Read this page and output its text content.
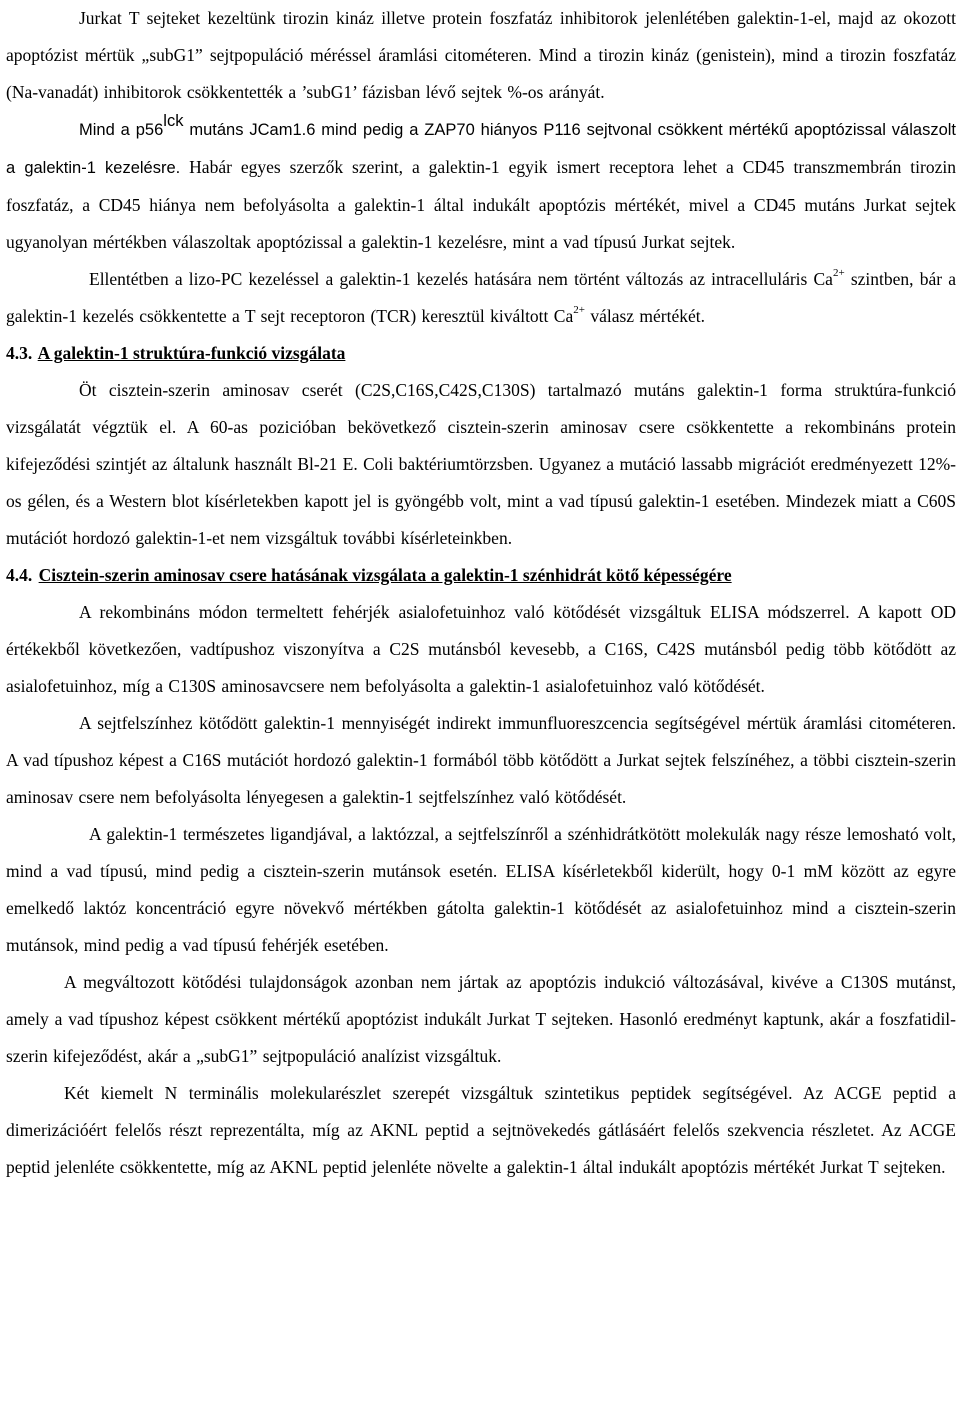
Jurkat T sejteket kezeltünk tirozin kináz illetve protein foszfatáz inhibitorok jelenlétében galektin-1-el, majd az okozott apoptózist mértük „subG1” sejtpopuláció méréssel áramlási citométeren. Mind a tirozin kináz (genistein), mind a tirozin foszfatáz (Na-vanadát) inhibitorok csökkentették a ’subG1’ fázisban lévő sejtek %-os arányát.

Mind a $p56^{lck}$ mutáns JCam1.6 mind pedig a ZAP70 hiányos P116 sejtvonal csökkent mértékű apoptózissal válaszolt a galektin-1 kezelésre. Habár egyes szerzők szerint, a galektin-1 egyik ismert receptora lehet a CD45 transzmembrán tirozin foszfatáz, a CD45 hiánya nem befolyásolta a galektin-1 által indukált apoptózis mértékét, mivel a CD45 mutáns Jurkat sejtek ugyanolyan mértékben válaszoltak apoptózissal a galektin-1 kezelésre, mint a vad típusú Jurkat sejtek.

Ellentétben a lizo-PC kezeléssel a galektin-1 kezelés hatására nem történt változás az intracelluláris $Ca^{2+}$ szintben, bár a galektin-1 kezelés csökkentette a T sejt receptoron (TCR) keresztül kiváltott $Ca^{2+}$ válasz mértékét.

4.3. A galektin-1 struktúra-funkció vizsgálata

Öt cisztein-szerin aminosav cserét (C2S,C16S,C42S,C130S) tartalmazó mutáns galektin-1 forma struktúra-funkció vizsgálatát végztük el. A 60-as pozicióban bekövetkező cisztein-szerin aminosav csere csökkentette a rekombináns protein kifejeződési szintjét az általunk használt Bl-21 E. Coli baktériumtörzsben. Ugyanez a mutáció lassabb migrációt eredményezett 12%-os gélen, és a Western blot kísérletekben kapott jel is gyöngébb volt, mint a vad típusú galektin-1 esetében. Mindezek miatt a C60S mutációt hordozó galektin-1-et nem vizsgáltuk további kísérleteinkben.

4.4. Cisztein-szerin aminosav csere hatásának vizsgálata a galektin-1 szénhidrát kötő képességére

A rekombináns módon termeltett fehérjék asialofetuinhoz való kötődését vizsgáltuk ELISA módszerrel. A kapott OD értékekből következően, vadtípushoz viszonyítva a C2S mutánsból kevesebb, a C16S, C42S mutánsból pedig több kötődött az asialofetuinhoz, míg a C130S aminosavcsere nem befolyásolta a galektin-1 asialofetuinhoz való kötődését.

A sejtfelszínhez kötődött galektin-1 mennyiségét indirekt immunfluoreszcencia segítségével mértük áramlási citométeren. A vad típushoz képest a C16S mutációt hordozó galektin-1 formából több kötődött a Jurkat sejtek felszínéhez, a többi cisztein-szerin aminosav csere nem befolyásolta lényegesen a galektin-1 sejtfelszínhez való kötődését.

A galektin-1 természetes ligandjával, a laktózzal, a sejtfelszínről a szénhidrátkötött molekulák nagy része lemosható volt, mind a vad típusú, mind pedig a cisztein-szerin mutánsok esetén. ELISA kísérletekből kiderült, hogy 0-1 mM között az egyre emelkedő laktóz koncentráció egyre növekvő mértékben gátolta galektin-1 kötődését az asialofetuinhoz mind a cisztein-szerin mutánsok, mind pedig a vad típusú fehérjék esetében.

A megváltozott kötődési tulajdonságok azonban nem jártak az apoptózis indukció változásával, kivéve a C130S mutánst, amely a vad típushoz képest csökkent mértékű apoptózist indukált Jurkat T sejteken. Hasonló eredményt kaptunk, akár a foszfatidil-szerin kifejeződést, akár a „subG1” sejtpopuláció analízist vizsgáltuk.

Két kiemelt N terminális molekularészlet szerepét vizsgáltuk szintetikus peptidek segítségével. Az ACGE peptid a dimerizációért felelős részt reprezentálta, míg az AKNL peptid a sejtnövekedés gátlásáért felelős szekvencia részletet. Az ACGE peptid jelenléte csökkentette, míg az AKNL peptid jelenléte növelte a galektin-1 által indukált apoptózis mértékét Jurkat T sejteken.
